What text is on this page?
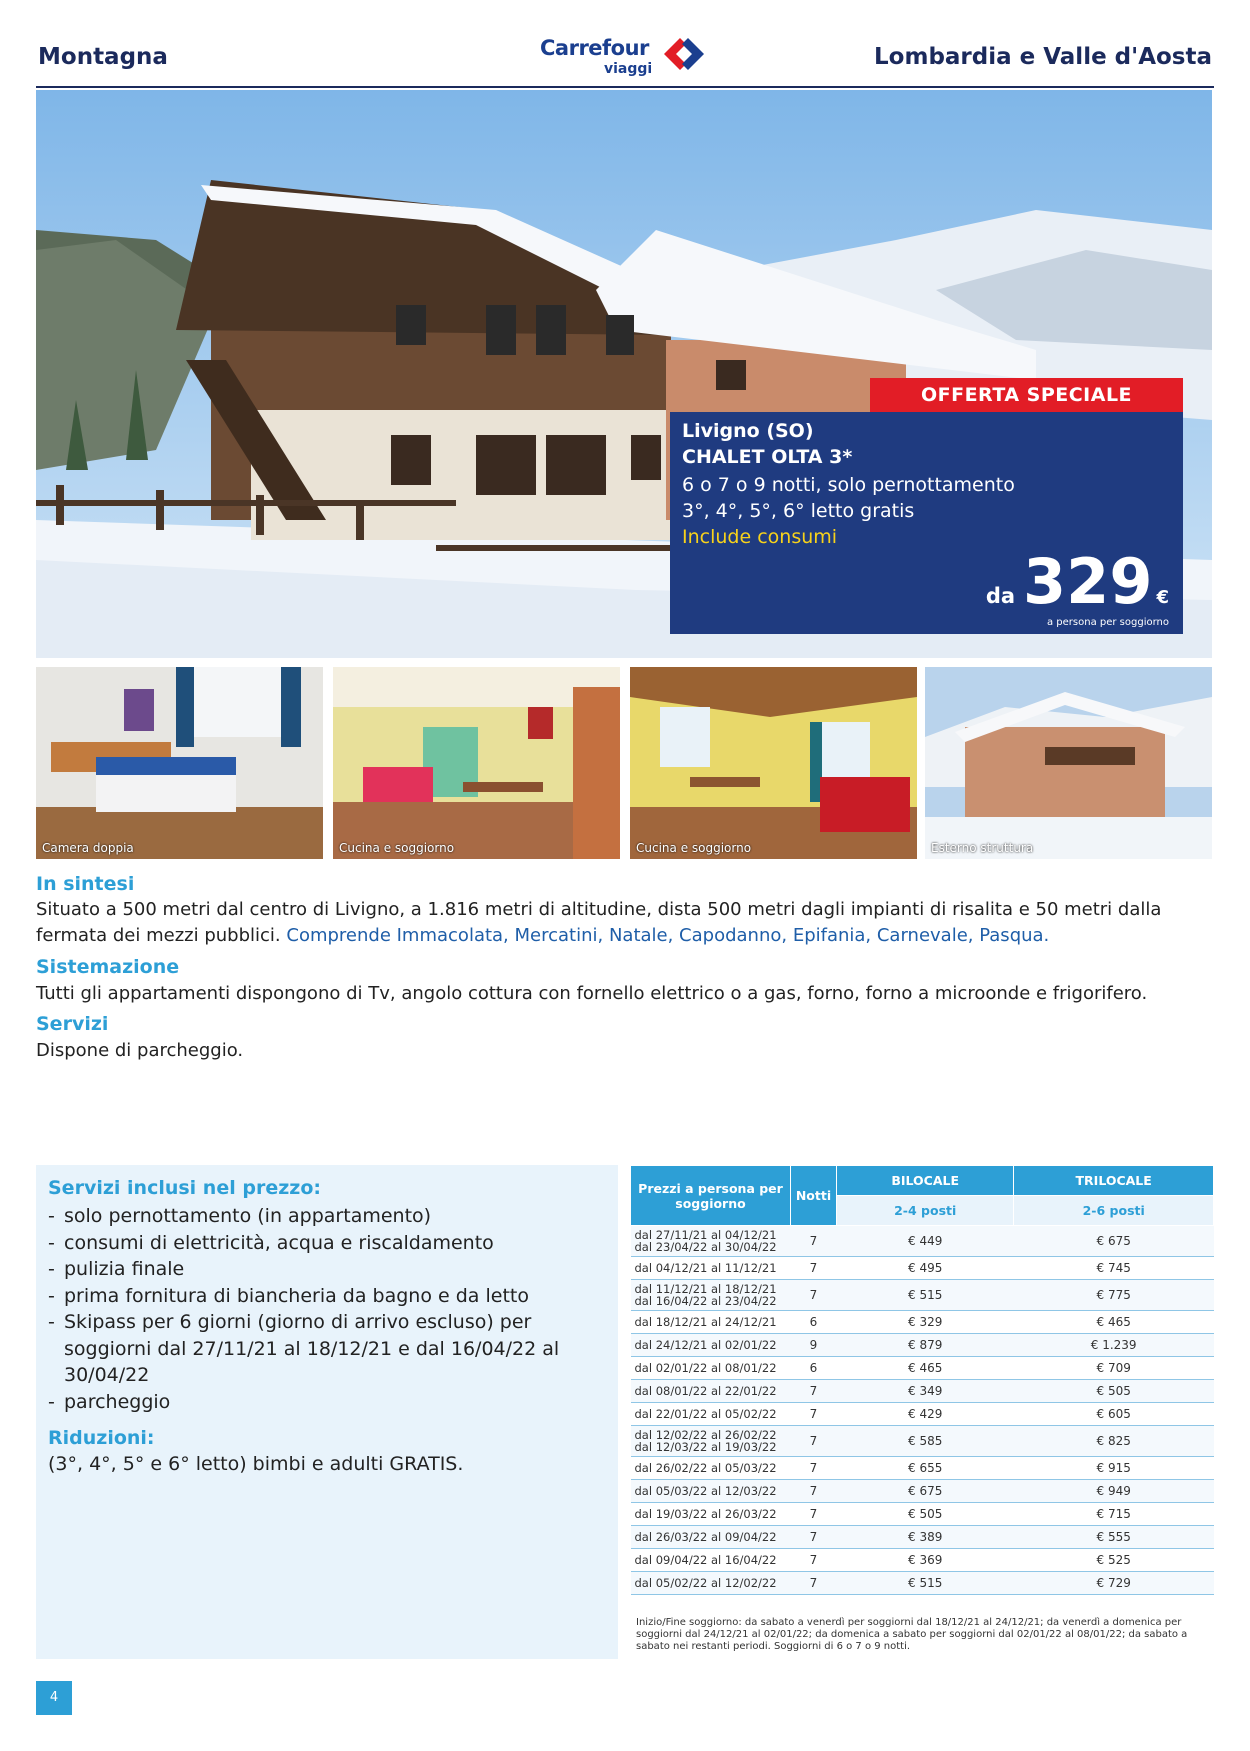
Montagna	Carrefour
viaggi	Lombardia e Valle d'Aosta
OFFERTA SPECIALE
Livigno (SO)
CHALET OLTA 3*
6 o 7 o 9 notti, solo pernottamento
3°, 4°, 5°, 6° letto gratis
Include consumi
da 329 €
a persona per soggiorno
Camera doppia	Cucina e soggiorno	Cucina e soggiorno	Esterno struttura
In sintesi
Situato a 500 metri dal centro di Livigno, a 1.816 metri di altitudine, dista 500 metri dagli impianti di risalita e 50 metri dalla fermata dei mezzi pubblici. Comprende Immacolata, Mercatini, Natale, Capodanno, Epifania, Carnevale, Pasqua.
Sistemazione
Tutti gli appartamenti dispongono di Tv, angolo cottura con fornello elettrico o a gas, forno, forno a microonde e frigorifero.
Servizi
Dispone di parcheggio.
Servizi inclusi nel prezzo:
- solo pernottamento (in appartamento)
- consumi di elettricità, acqua e riscaldamento
- pulizia finale
- prima fornitura di biancheria da bagno e da letto
- Skipass per 6 giorni (giorno di arrivo escluso) per soggiorni dal 27/11/21 al 18/12/21 e dal 16/04/22 al 30/04/22
- parcheggio
Riduzioni:
(3°, 4°, 5° e 6° letto) bimbi e adulti GRATIS.
Prezzi a persona per soggiorno	Notti	BILOCALE	TRILOCALE
		2-4 posti	2-6 posti

dal 27/11/21 al 04/12/21
dal 23/04/22 al 30/04/22	7	€ 449	€ 675

dal 04/12/21 al 11/12/21	7	€ 495	€ 745

dal 11/12/21 al 18/12/21
dal 16/04/22 al 23/04/22	7	€ 515	€ 775

dal 18/12/21 al 24/12/21	6	€ 329	€ 465

dal 24/12/21 al 02/01/22	9	€ 879	€ 1.239

dal 02/01/22 al 08/01/22	6	€ 465	€ 709

dal 08/01/22 al 22/01/22	7	€ 349	€ 505

dal 22/01/22 al 05/02/22	7	€ 429	€ 605

dal 12/02/22 al 26/02/22
dal 12/03/22 al 19/03/22	7	€ 585	€ 825

dal 26/02/22 al 05/03/22	7	€ 655	€ 915

dal 05/03/22 al 12/03/22	7	€ 675	€ 949

dal 19/03/22 al 26/03/22	7	€ 505	€ 715

dal 26/03/22 al 09/04/22	7	€ 389	€ 555

dal 09/04/22 al 16/04/22	7	€ 369	€ 525

dal 05/02/22 al 12/02/22	7	€ 515	€ 729
Inizio/Fine soggiorno: da sabato a venerdì per soggiorni dal 18/12/21 al 24/12/21; da venerdì a domenica per soggiorni dal 24/12/21 al 02/01/22; da domenica a sabato per soggiorni dal 02/01/22 al 08/01/22; da sabato a sabato nei restanti periodi. Soggiorni di 6 o 7 o 9 notti.
4
